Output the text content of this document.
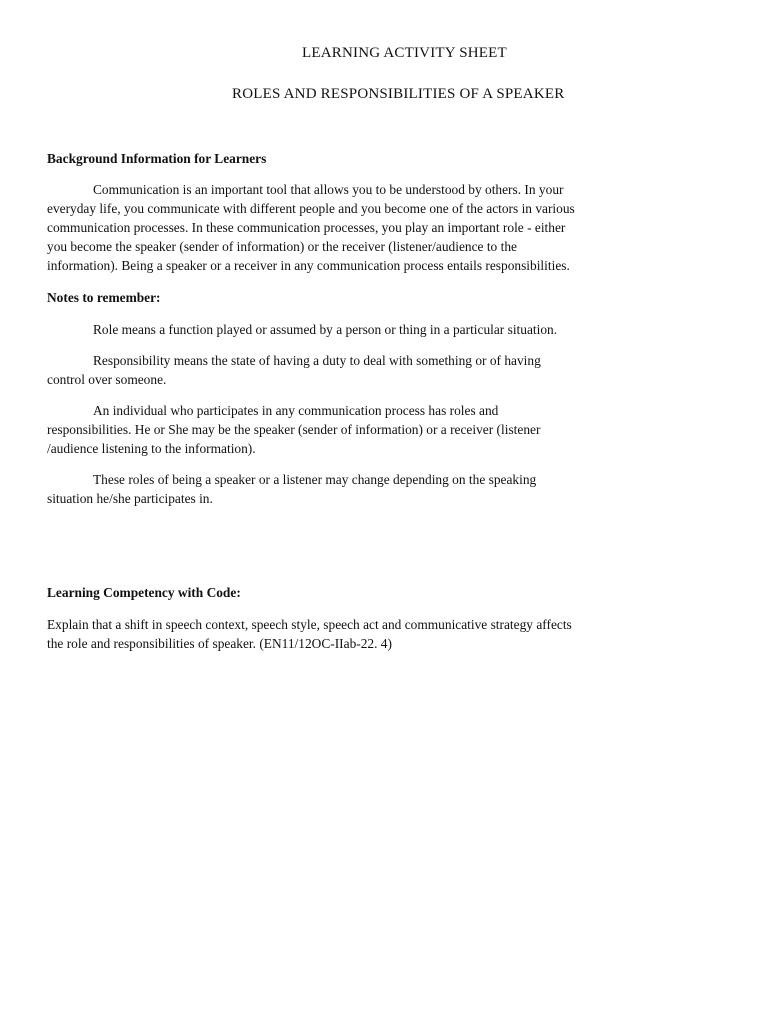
LEARNING ACTIVITY SHEET
ROLES AND RESPONSIBILITIES OF A SPEAKER

Background Information for Learners

Communication is an important tool that allows you to be understood by others. In your everyday life, you communicate with different people and you become one of the actors in various communication processes. In these communication processes, you play an important role - either you become the speaker (sender of information) or the receiver (listener/audience to the information). Being a speaker or a receiver in any communication process entails responsibilities.

Notes to remember:

Role means a function played or assumed by a person or thing in a particular situation.

Responsibility means the state of having a duty to deal with something or of having control over someone.

An individual who participates in any communication process has roles and responsibilities. He or She may be the speaker (sender of information) or a receiver (listener /audience listening to the information).

These roles of being a speaker or a listener may change depending on the speaking situation he/she participates in.

Learning Competency with Code:

Explain that a shift in speech context, speech style, speech act and communicative strategy affects the role and responsibilities of speaker. (EN11/12OC-IIab-22. 4)
